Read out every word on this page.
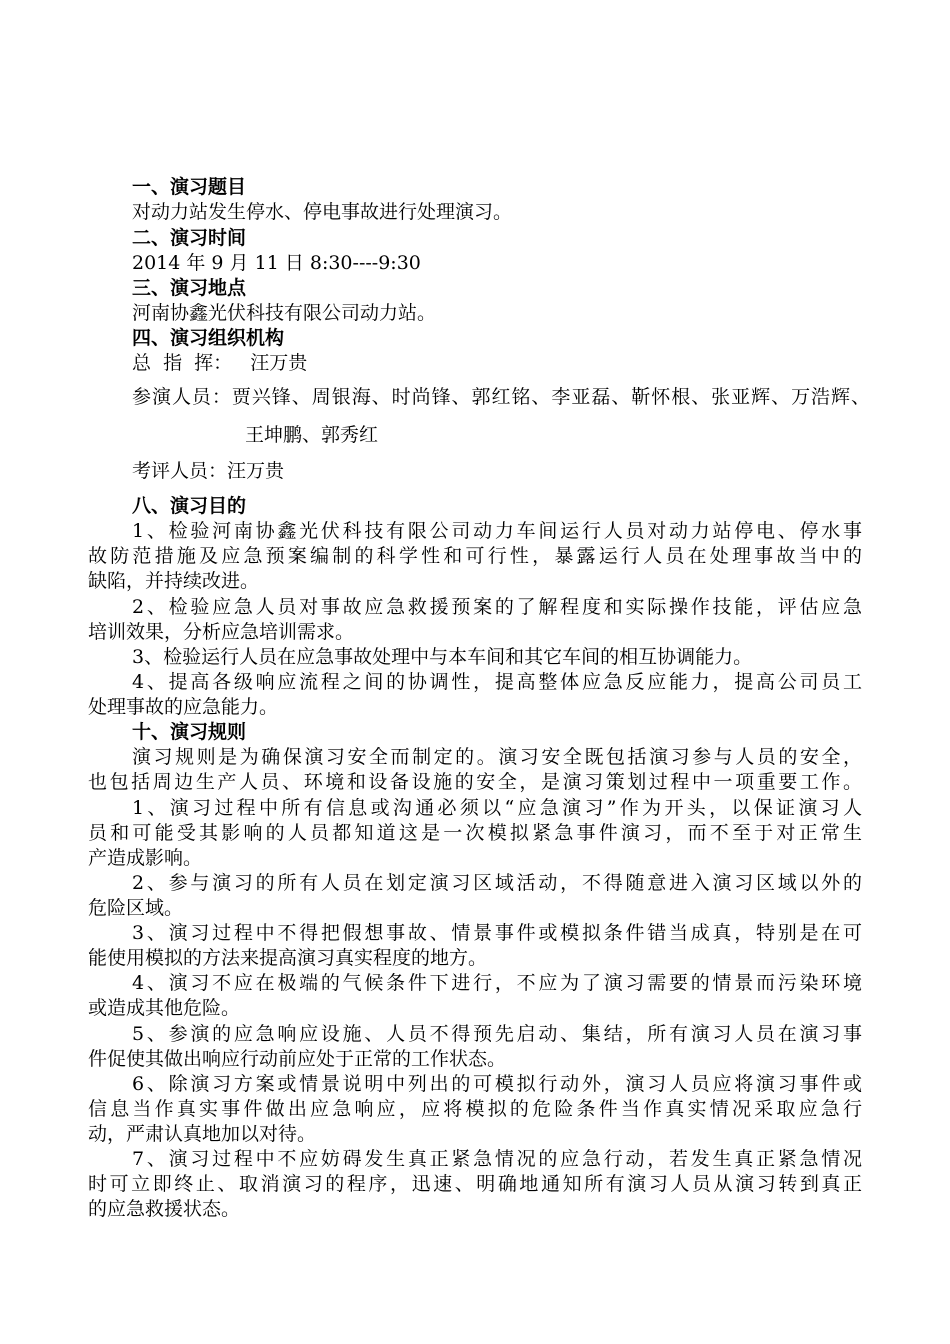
一、演习题目
对动力站发生停水、停电事故进行处理演习。
二、演习时间
2014 年 9 月 11 日 8:30----9:30
三、演习地点
河南协鑫光伏科技有限公司动力站。
四、演习组织机构
总  指  挥：   汪万贵
参演人员：贾兴锋、周银海、时尚锋、郭红铭、李亚磊、靳怀根、张亚辉、万浩辉、
王坤鹏、郭秀红
考评人员：汪万贵
八、演习目的
1、检验河南协鑫光伏科技有限公司动力车间运行人员对动力站停电、停水事
故防范措施及应急预案编制的科学性和可行性，暴露运行人员在处理事故当中的
缺陷，并持续改进。
2、检验应急人员对事故应急救援预案的了解程度和实际操作技能，评估应急
培训效果，分析应急培训需求。
3、检验运行人员在应急事故处理中与本车间和其它车间的相互协调能力。
4、提高各级响应流程之间的协调性，提高整体应急反应能力，提高公司员工
处理事故的应急能力。
十、演习规则
演习规则是为确保演习安全而制定的。演习安全既包括演习参与人员的安全，
也包括周边生产人员、环境和设备设施的安全，是演习策划过程中一项重要工作。
1、演习过程中所有信息或沟通必须以“应急演习”作为开头，以保证演习人
员和可能受其影响的人员都知道这是一次模拟紧急事件演习，而不至于对正常生
产造成影响。
2、参与演习的所有人员在划定演习区域活动，不得随意进入演习区域以外的
危险区域。
3、演习过程中不得把假想事故、情景事件或模拟条件错当成真，特别是在可
能使用模拟的方法来提高演习真实程度的地方。
4、演习不应在极端的气候条件下进行，不应为了演习需要的情景而污染环境
或造成其他危险。
5、参演的应急响应设施、人员不得预先启动、集结，所有演习人员在演习事
件促使其做出响应行动前应处于正常的工作状态。
6、除演习方案或情景说明中列出的可模拟行动外，演习人员应将演习事件或
信息当作真实事件做出应急响应，应将模拟的危险条件当作真实情况采取应急行
动，严肃认真地加以对待。
7、演习过程中不应妨碍发生真正紧急情况的应急行动，若发生真正紧急情况
时可立即终止、取消演习的程序，迅速、明确地通知所有演习人员从演习转到真正
的应急救援状态。
